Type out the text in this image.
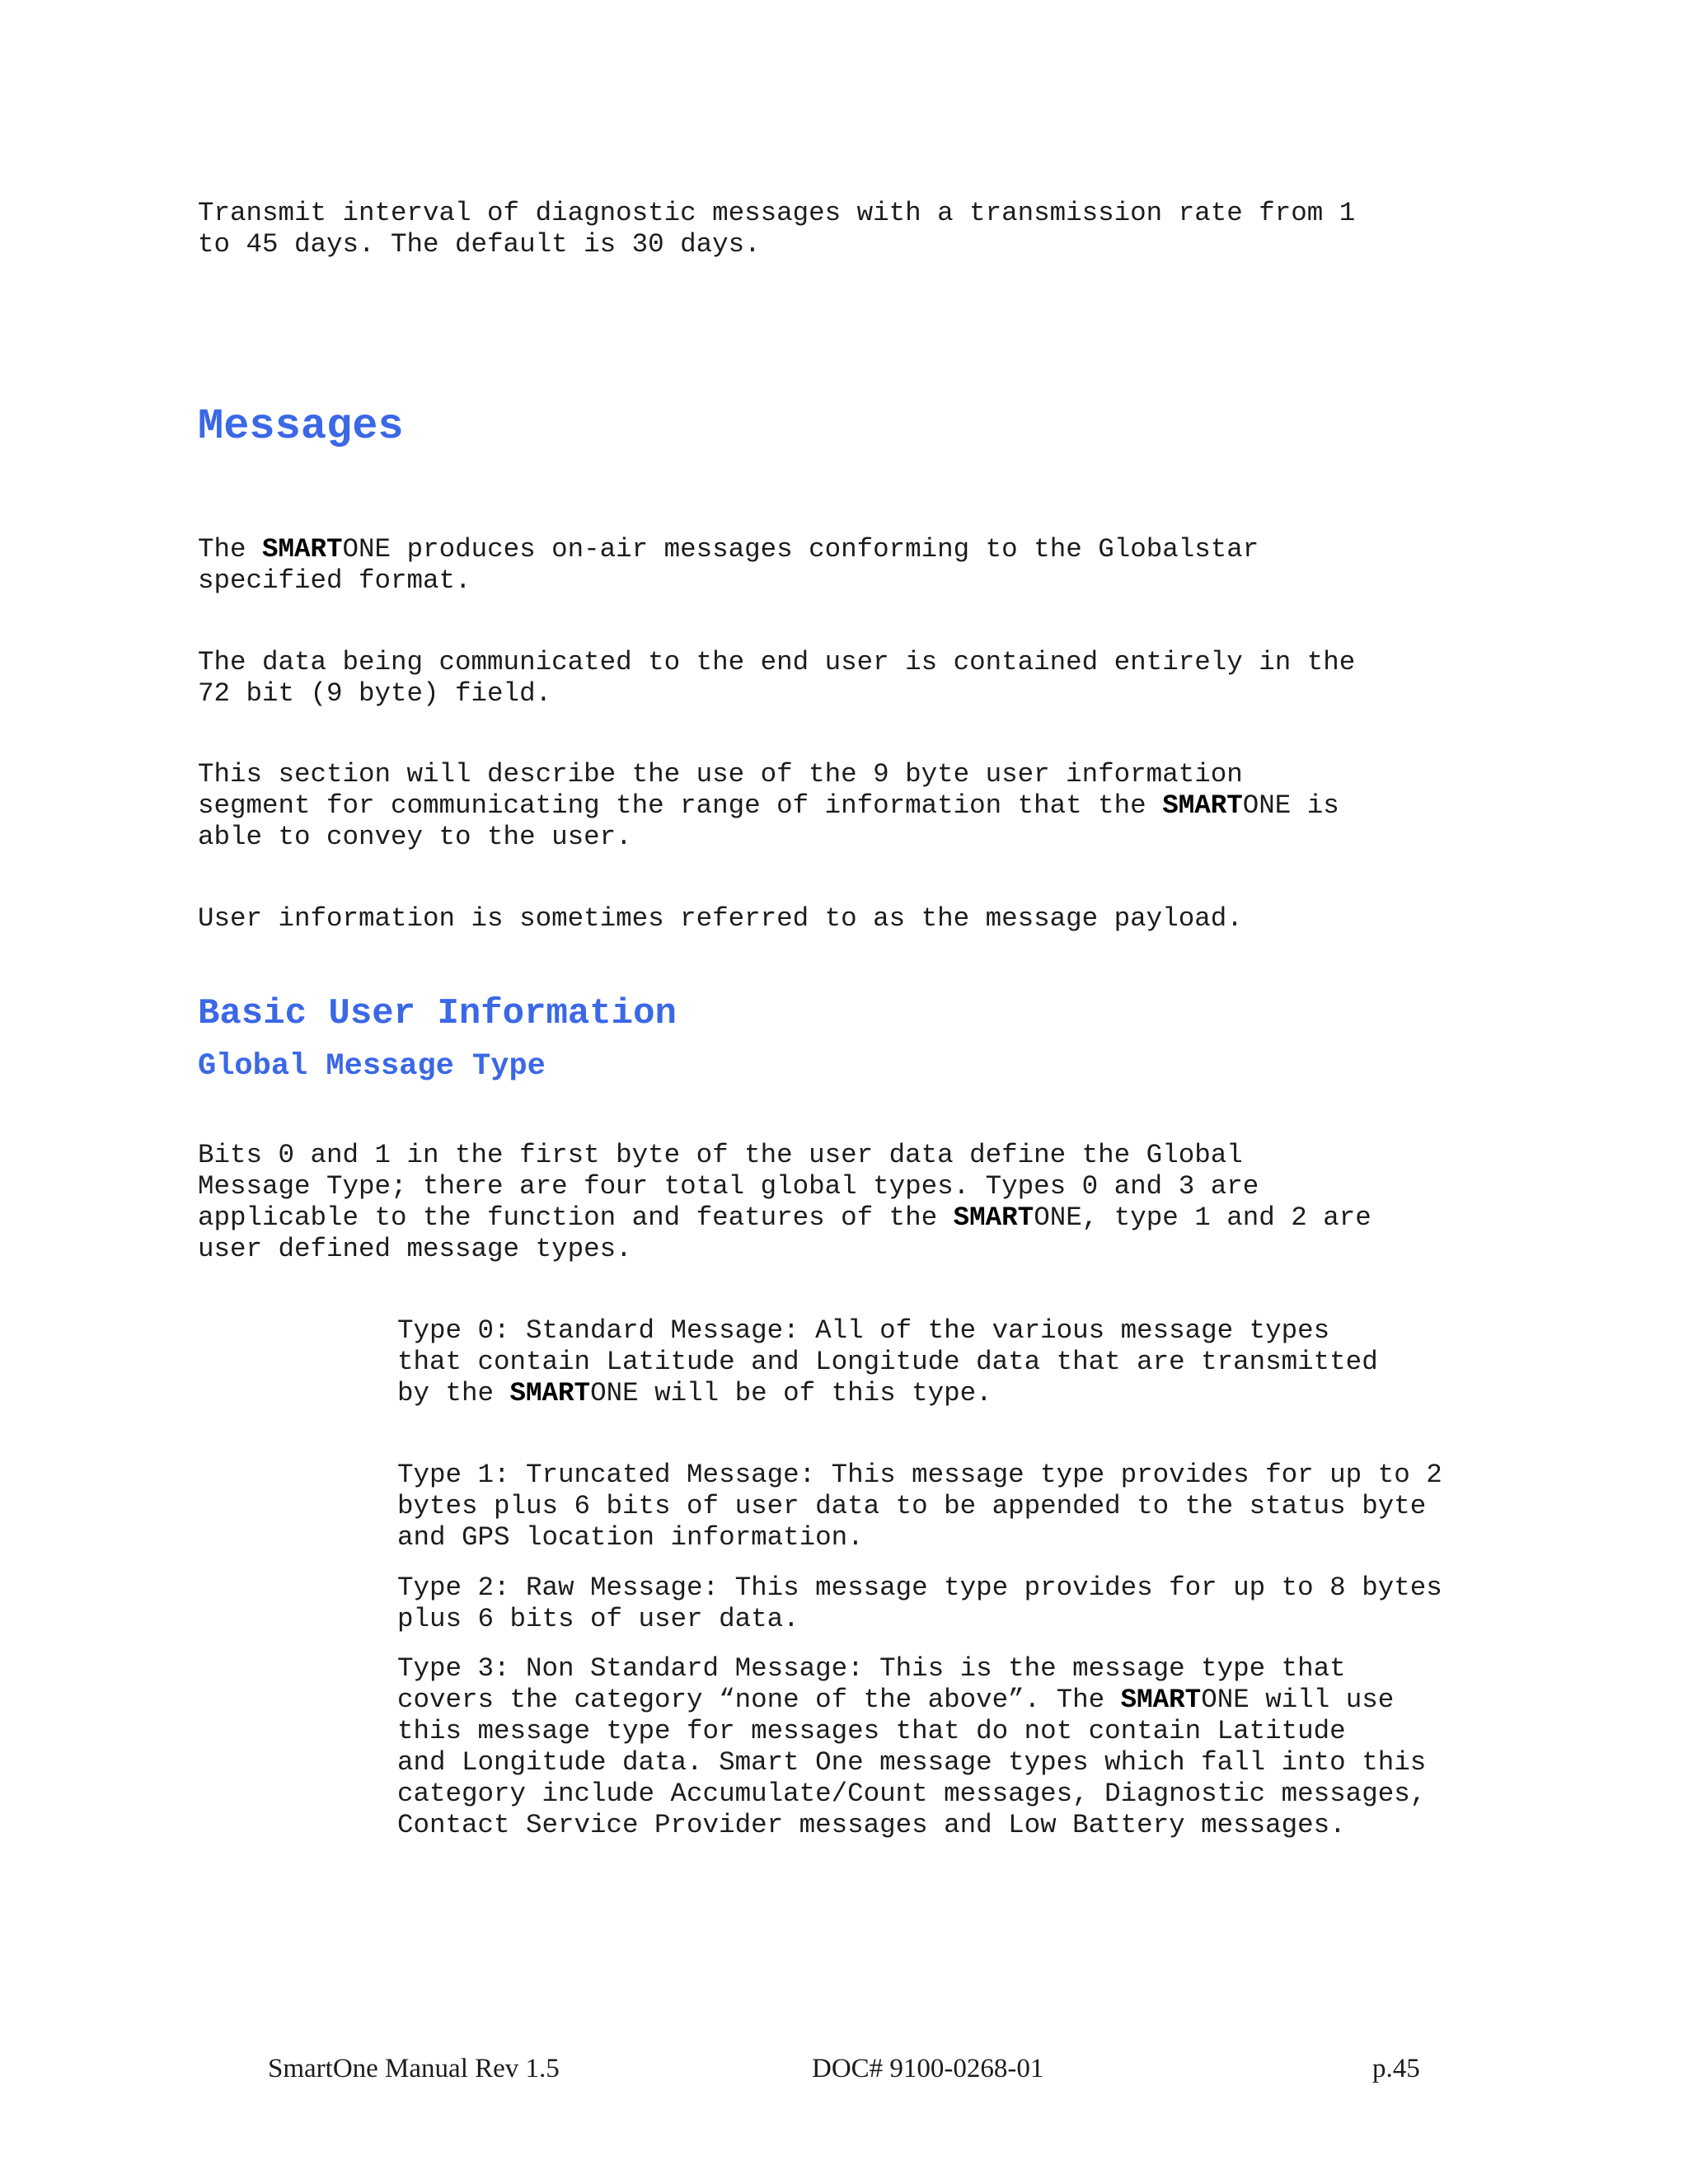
Transmit interval of diagnostic messages with a transmission rate from 1
to 45 days. The default is 30 days.

Messages

The SMARTONE produces on-air messages conforming to the Globalstar
specified format.

The data being communicated to the end user is contained entirely in the
72 bit (9 byte) field.

This section will describe the use of the 9 byte user information
segment for communicating the range of information that the SMARTONE is
able to convey to the user.

User information is sometimes referred to as the message payload.

Basic User Information
Global Message Type

Bits 0 and 1 in the first byte of the user data define the Global
Message Type; there are four total global types. Types 0 and 3 are
applicable to the function and features of the SMARTONE, type 1 and 2 are
user defined message types.

Type 0: Standard Message: All of the various message types
that contain Latitude and Longitude data that are transmitted
by the SMARTONE will be of this type.

Type 1: Truncated Message: This message type provides for up to 2
bytes plus 6 bits of user data to be appended to the status byte
and GPS location information.

Type 2: Raw Message: This message type provides for up to 8 bytes
plus 6 bits of user data.

Type 3: Non Standard Message: This is the message type that
covers the category “none of the above”. The SMARTONE will use
this message type for messages that do not contain Latitude
and Longitude data. Smart One message types which fall into this
category include Accumulate/Count messages, Diagnostic messages,
Contact Service Provider messages and Low Battery messages.

SmartOne Manual Rev 1.5	DOC# 9100-0268-01	p.45
